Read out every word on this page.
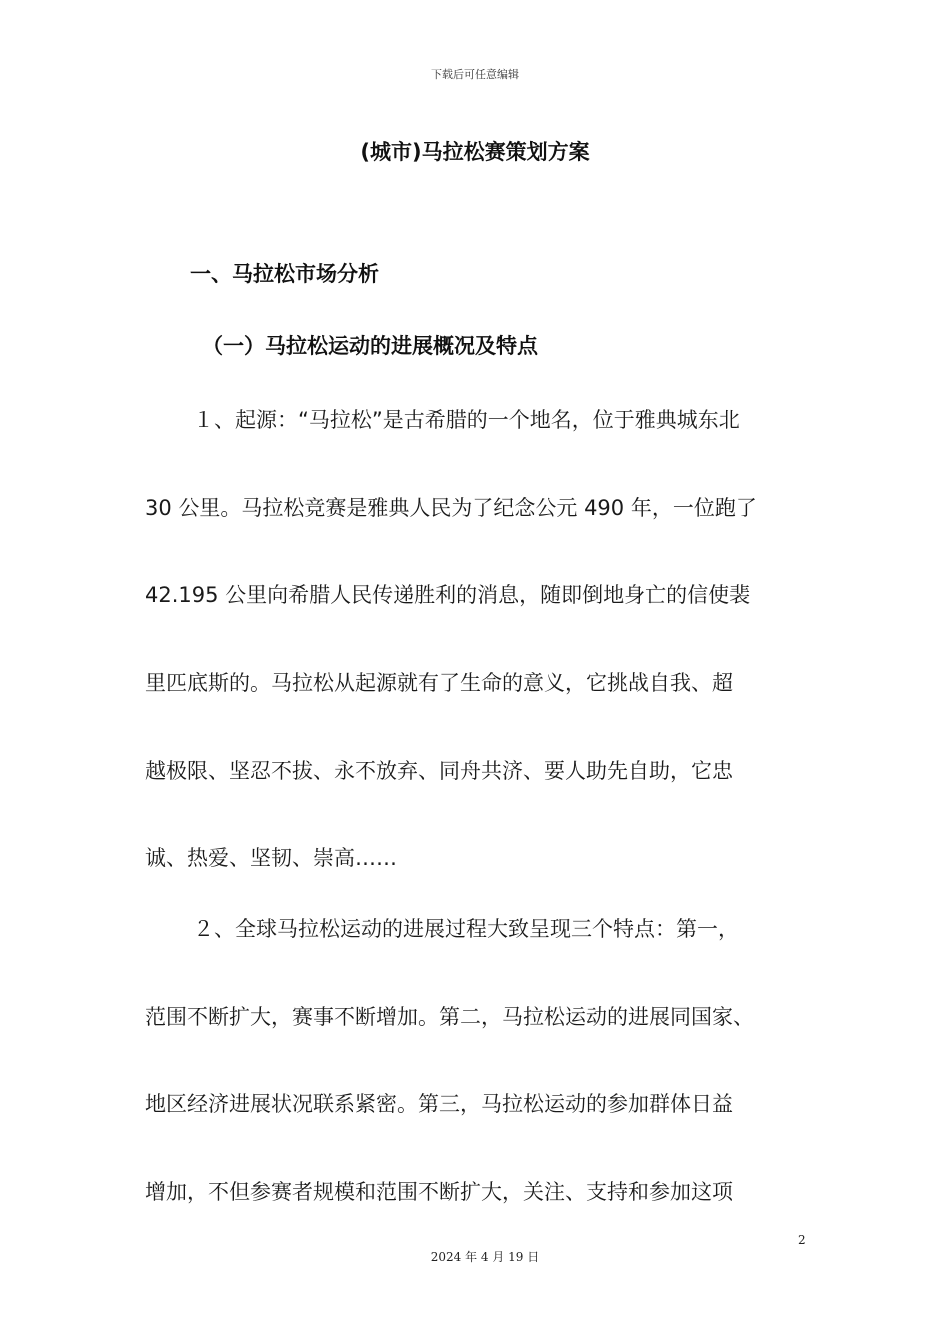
下载后可任意编辑
(城市)马拉松赛策划方案
一、马拉松市场分析
（一）马拉松运动的进展概况及特点
１、起源：“马拉松”是古希腊的一个地名，位于雅典城东北
30 公里。马拉松竞赛是雅典人民为了纪念公元 490 年，一位跑了
42.195 公里向希腊人民传递胜利的消息，随即倒地身亡的信使裴
里匹底斯的。马拉松从起源就有了生命的意义，它挑战自我、超
越极限、坚忍不拔、永不放弃、同舟共济、要人助先自助，它忠
诚、热爱、坚韧、崇高……
２、全球马拉松运动的进展过程大致呈现三个特点：第一，
范围不断扩大，赛事不断增加。第二，马拉松运动的进展同国家、
地区经济进展状况联系紧密。第三，马拉松运动的参加群体日益
增加，不但参赛者规模和范围不断扩大，关注、支持和参加这项
2
2024 年 4 月 19 日
